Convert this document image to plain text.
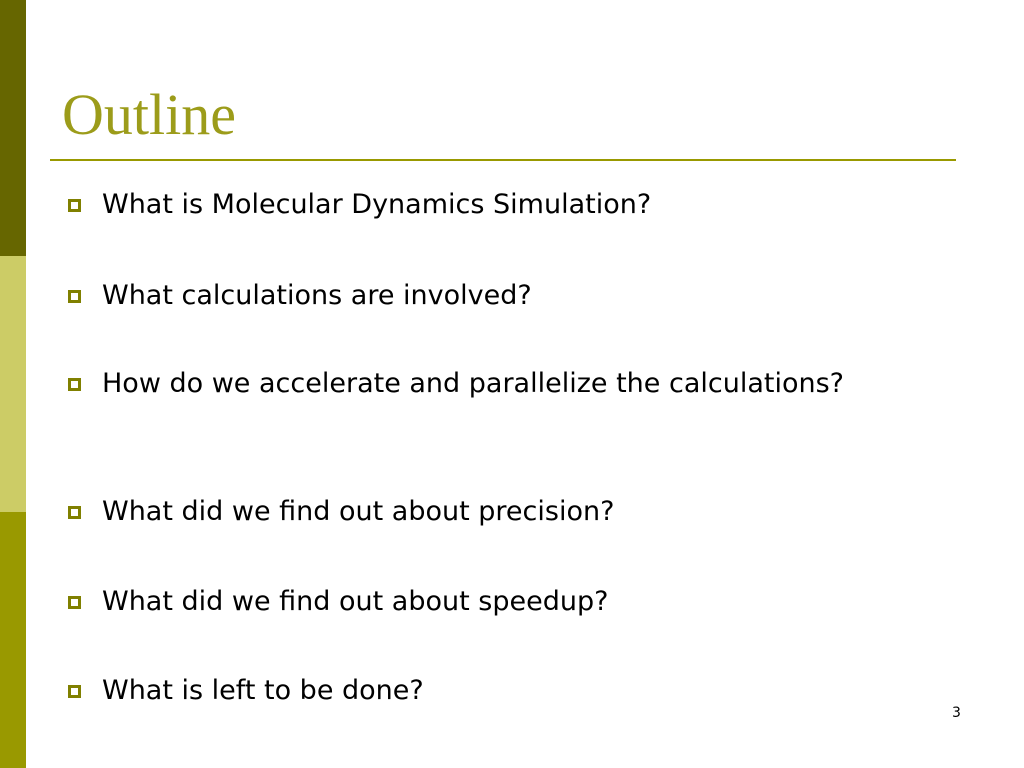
Outline
What is Molecular Dynamics Simulation?
What calculations are involved?
How do we accelerate and parallelize the calculations?
What did we find out about precision?
What did we find out about speedup?
What is left to be done?
3
